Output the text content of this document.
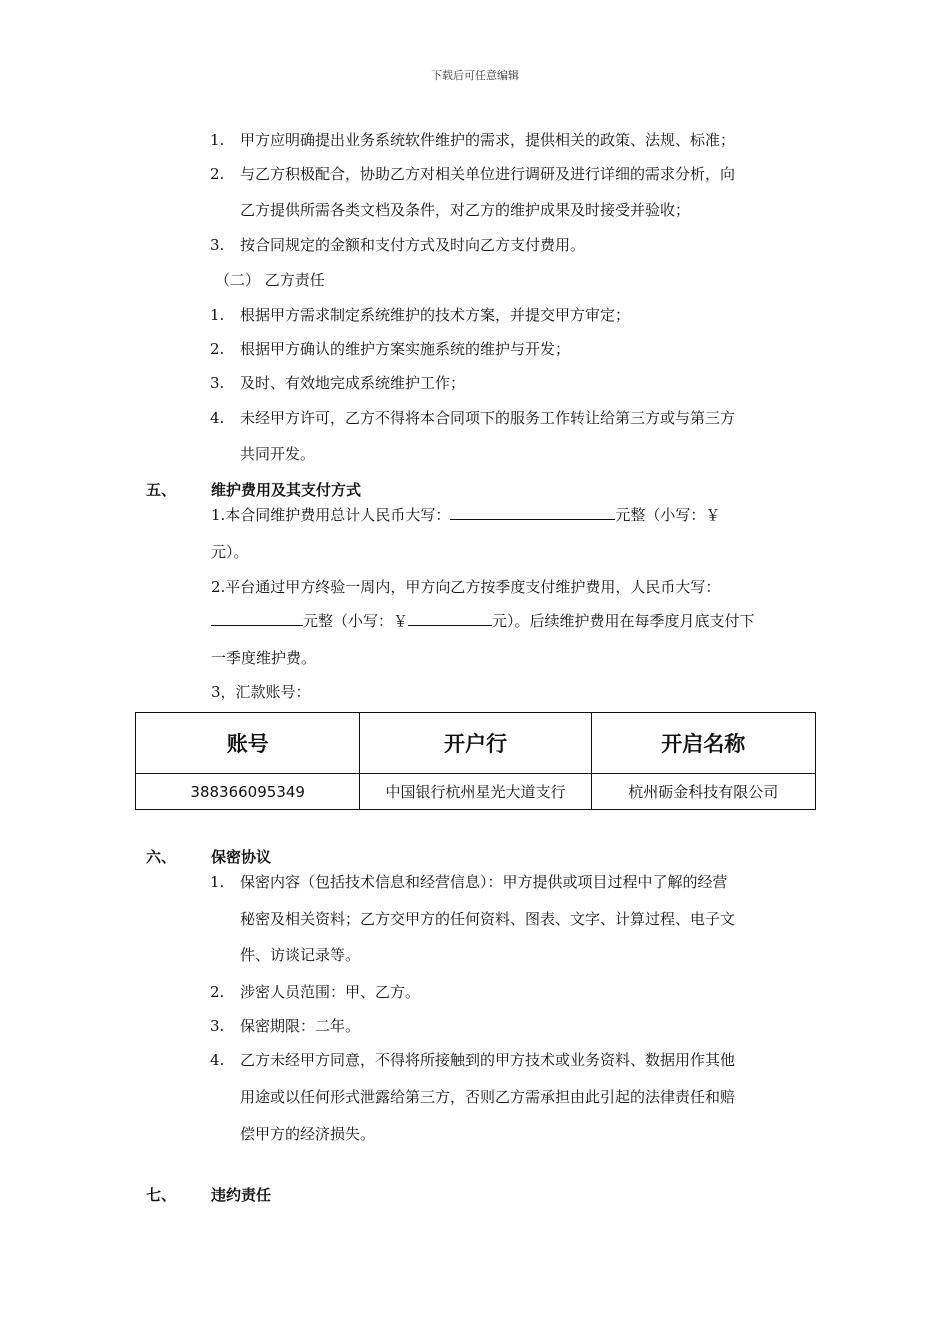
下载后可任意编辑
1. 甲方应明确提出业务系统软件维护的需求，提供相关的政策、法规、标准；
2. 与乙方积极配合，协助乙方对相关单位进行调研及进行详细的需求分析，向
乙方提供所需各类文档及条件，对乙方的维护成果及时接受并验收；
3. 按合同规定的金额和支付方式及时向乙方支付费用。
（二） 乙方责任
1. 根据甲方需求制定系统维护的技术方案，并提交甲方审定；
2. 根据甲方确认的维护方案实施系统的维护与开发；
3. 及时、有效地完成系统维护工作；
4. 未经甲方许可，乙方不得将本合同项下的服务工作转让给第三方或与第三方
共同开发。
五、 维护费用及其支付方式
1.本合同维护费用总计人民币大写：	元整（小写：￥
元）。
2.平台通过甲方终验一周内，甲方向乙方按季度支付维护费用，人民币大写：
元整（小写：￥	元）。后续维护费用在每季度月底支付下
一季度维护费。
3，汇款账号：
账号	开户行	开启名称
388366095349	中国银行杭州星光大道支行	杭州砺金科技有限公司
六、 保密协议
1. 保密内容（包括技术信息和经营信息）：甲方提供或项目过程中了解的经营
秘密及相关资料；乙方交甲方的任何资料、图表、文字、计算过程、电子文
件、访谈记录等。
2. 涉密人员范围：甲、乙方。
3. 保密期限：二年。
4. 乙方未经甲方同意，不得将所接触到的甲方技术或业务资料、数据用作其他
用途或以任何形式泄露给第三方，否则乙方需承担由此引起的法律责任和赔
偿甲方的经济损失。
七、 违约责任
